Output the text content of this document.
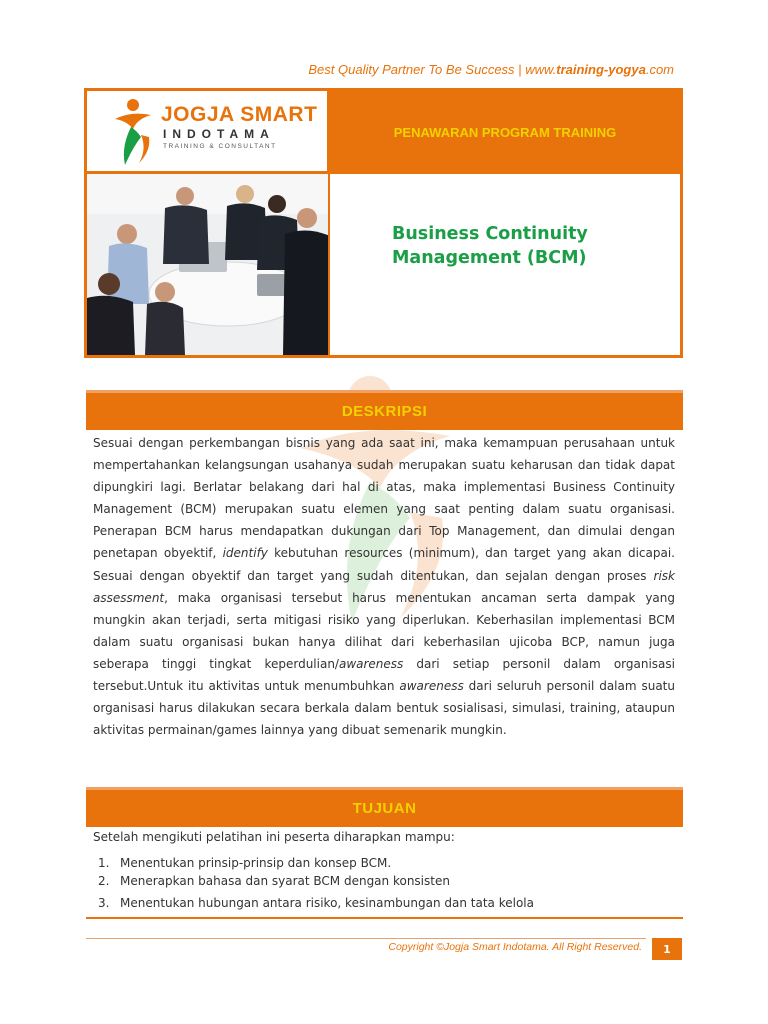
Best Quality Partner To Be Success | www.training-yogya.com
JOGJA SMART
INDOTAMA
TRAINING & CONSULTANT
PENAWARAN PROGRAM TRAINING
Business Continuity
Management (BCM)
DESKRIPSI
Sesuai dengan perkembangan bisnis yang ada saat ini, maka kemampuan perusahaan untuk mempertahankan kelangsungan usahanya sudah merupakan suatu keharusan dan tidak dapat dipungkiri lagi. Berlatar belakang dari hal di atas, maka implementasi Business Continuity Management (BCM) merupakan suatu elemen yang saat penting dalam suatu organisasi. Penerapan BCM harus mendapatkan dukungan dari Top Management, dan dimulai dengan penetapan obyektif, identify kebutuhan resources (minimum), dan target yang akan dicapai. Sesuai dengan obyektif dan target yang sudah ditentukan, dan sejalan dengan proses risk assessment, maka organisasi tersebut harus menentukan ancaman serta dampak yang mungkin akan terjadi, serta mitigasi risiko yang diperlukan. Keberhasilan implementasi BCM dalam suatu organisasi bukan hanya dilihat dari keberhasilan ujicoba BCP, namun juga seberapa tinggi tingkat keperdulian/awareness dari setiap personil dalam organisasi tersebut.Untuk itu aktivitas untuk menumbuhkan awareness dari seluruh personil dalam suatu organisasi harus dilakukan secara berkala dalam bentuk sosialisasi, simulasi, training, ataupun aktivitas permainan/games lainnya yang dibuat semenarik mungkin.
TUJUAN
Setelah mengikuti pelatihan ini peserta diharapkan mampu:
1. Menentukan prinsip-prinsip dan konsep BCM.
2. Menerapkan bahasa dan syarat BCM dengan konsisten
3. Menentukan hubungan antara risiko, kesinambungan dan tata kelola
Copyright ©Jogja Smart Indotama. All Right Reserved.	1
